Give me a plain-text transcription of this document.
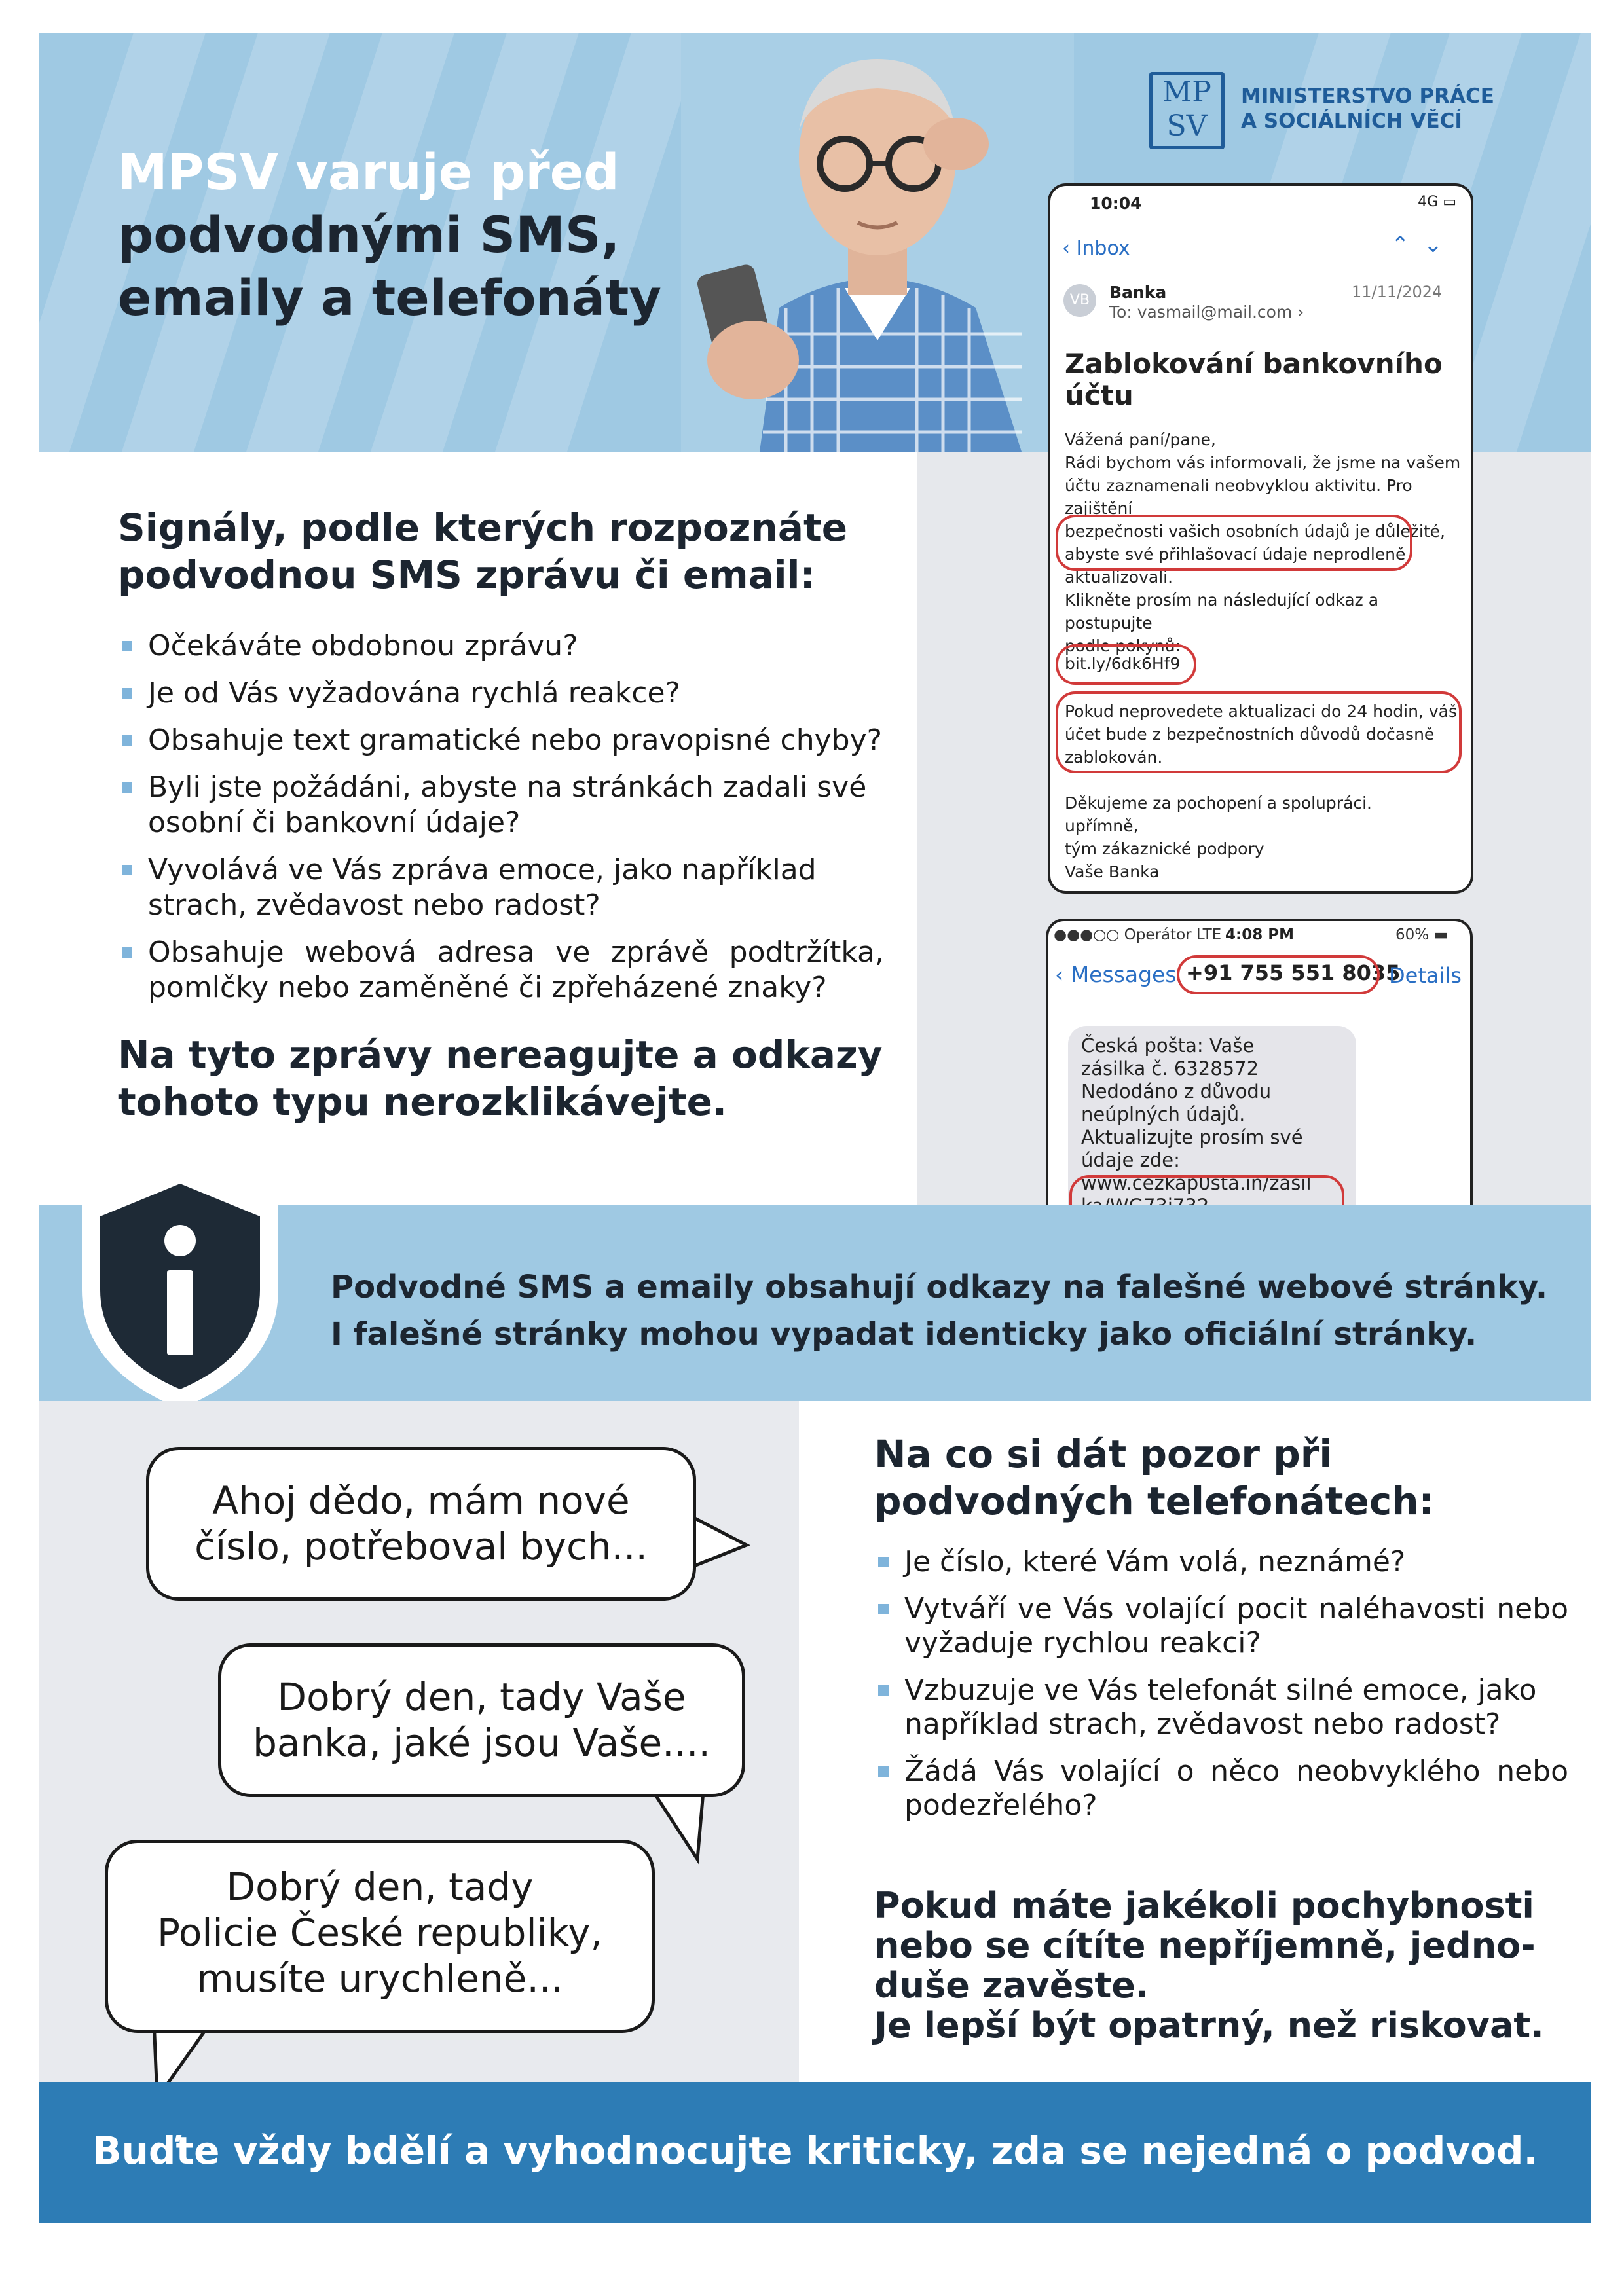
MPSV varuje před
podvodnými SMS,
emaily a telefonáty
MP
SV
MINISTERSTVO PRÁCE
A SOCIÁLNÍCH VĚCÍ
10:04	4G ▭
‹ Inbox	⌃ ⌄
VB	Banka
To: vasmail@mail.com ›
11/11/2024
Zablokování bankovního
účtu
Vážená paní/pane,
Rádi bychom vás informovali, že jsme na vašem
účtu zaznamenali neobvyklou aktivitu. Pro zajištění
bezpečnosti vašich osobních údajů je důležité,
abyste své přihlašovací údaje neprodleně
aktualizovali.
Klikněte prosím na následující odkaz a postupujte
podle pokynů:
bit.ly/6dk6Hf9
Pokud neprovedete aktualizaci do 24 hodin, váš
účet bude z bezpečnostních důvodů dočasně
zablokován.
Děkujeme za pochopení a spolupráci.
upřímně,
tým zákaznické podpory
Vaše Banka
●●●○○ Operátor LTE 4:08 PM	60% ▬
‹ Messages +91 755 551 8035
Details
Česká pošta: Vaše
zásilka č. 6328572
Nedodáno z důvodu
neúplných údajů.
Aktualizujte prosím své
údaje zde:
www.cezkap0sta.in/zasil
Signály, podle kterých rozpoznáte
podvodnou SMS zprávu či email:
Očekáváte obdobnou zprávu?
Je od Vás vyžadována rychlá reakce?
Obsahuje text gramatické nebo pravopisné chyby?
Byli jste požádáni, abyste na stránkách zadali své osobní či bankovní údaje?
Vyvolává ve Vás zpráva emoce, jako například strach, zvědavost nebo radost?
Obsahuje webová adresa ve zprávě podtržítka, pomlčky nebo zaměněné či zpřeházené znaky?
Na tyto zprávy nereagujte a odkazy
tohoto typu nerozklikávejte.
Podvodné SMS a emaily obsahují odkazy na falešné webové stránky.
I falešné stránky mohou vypadat identicky jako oficiální stránky.
Ahoj dědo, mám nové
číslo, potřeboval bych...
Dobrý den, tady Vaše
banka, jaké jsou Vaše....
Dobrý den, tady
Policie České republiky,
musíte urychleně...
Na co si dát pozor při
podvodných telefonátech:
Je číslo, které Vám volá, neznámé?
Vytváří ve Vás volající pocit naléhavosti nebo vyžaduje rychlou reakci?
Vzbuzuje ve Vás telefonát silné emoce, jako například strach, zvědavost nebo radost?
Žádá Vás volající o něco neobvyklého nebo podezřelého?
Pokud máte jakékoli pochybnosti
nebo se cítíte nepříjemně, jedno-
duše zavěste.
Je lepší být opatrný, než riskovat.
Buďte vždy bdělí a vyhodnocujte kriticky, zda se nejedná o podvod.
